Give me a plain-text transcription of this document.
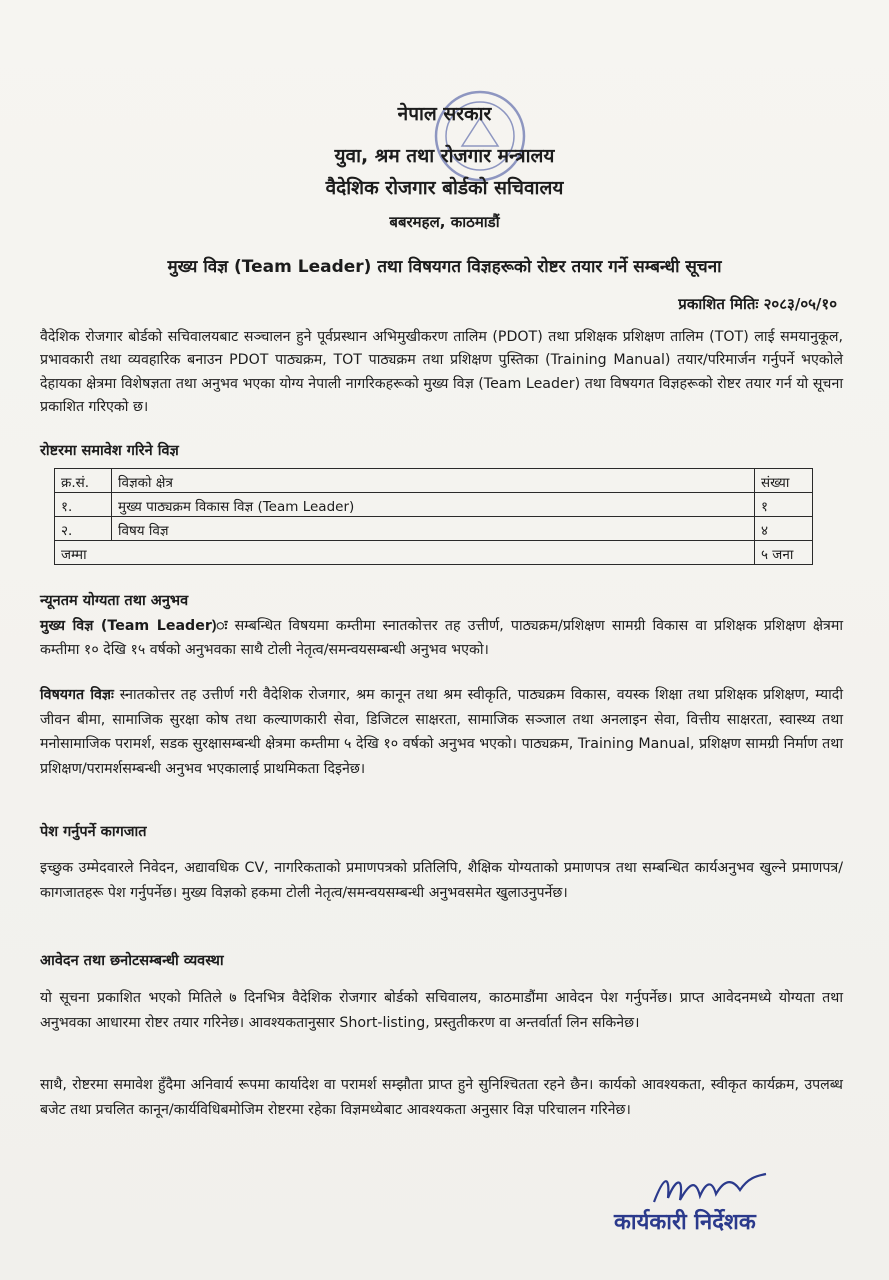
नेपाल सरकार
युवा, श्रम तथा रोजगार मन्त्रालय
वैदेशिक रोजगार बोर्डको सचिवालय
बबरमहल, काठमाडौं
मुख्य विज्ञ (Team Leader) तथा विषयगत विज्ञहरूको रोष्टर तयार गर्ने सम्बन्धी सूचना
प्रकाशित मितिः २०८३/०५/१०

वैदेशिक रोजगार बोर्डको सचिवालयबाट सञ्चालन हुने पूर्वप्रस्थान अभिमुखीकरण तालिम (PDOT) तथा प्रशिक्षक प्रशिक्षण तालिम (TOT) लाई समयानुकूल, प्रभावकारी तथा व्यवहारिक बनाउन PDOT पाठ्यक्रम, TOT पाठ्यक्रम तथा प्रशिक्षण पुस्तिका (Training Manual) तयार/परिमार्जन गर्नुपर्ने भएकोले देहायका क्षेत्रमा विशेषज्ञता तथा अनुभव भएका योग्य नेपाली नागरिकहरूको मुख्य विज्ञ (Team Leader) तथा विषयगत विज्ञहरूको रोष्टर तयार गर्न यो सूचना प्रकाशित गरिएको छ।

रोष्टरमा समावेश गरिने विज्ञ
क्र.सं.	विज्ञको क्षेत्र	संख्या
१.	मुख्य पाठ्यक्रम विकास विज्ञ (Team Leader)	१
२.	विषय विज्ञ	४
जम्मा		५ जना
न्यूनतम योग्यता तथा अनुभव

मुख्य विज्ञ (Team Leader)ः सम्बन्धित विषयमा कम्तीमा स्नातकोत्तर तह उत्तीर्ण, पाठ्यक्रम/प्रशिक्षण सामग्री विकास वा प्रशिक्षक प्रशिक्षण क्षेत्रमा कम्तीमा १० देखि १५ वर्षको अनुभवका साथै टोली नेतृत्व/समन्वयसम्बन्धी अनुभव भएको।

विषयगत विज्ञः स्नातकोत्तर तह उत्तीर्ण गरी वैदेशिक रोजगार, श्रम कानून तथा श्रम स्वीकृति, पाठ्यक्रम विकास, वयस्क शिक्षा तथा प्रशिक्षक प्रशिक्षण, म्यादी जीवन बीमा, सामाजिक सुरक्षा कोष तथा कल्याणकारी सेवा, डिजिटल साक्षरता, सामाजिक सञ्जाल तथा अनलाइन सेवा, वित्तीय साक्षरता, स्वास्थ्य तथा मनोसामाजिक परामर्श, सडक सुरक्षासम्बन्धी क्षेत्रमा कम्तीमा ५ देखि १० वर्षको अनुभव भएको। पाठ्यक्रम, Training Manual, प्रशिक्षण सामग्री निर्माण तथा प्रशिक्षण/परामर्शसम्बन्धी अनुभव भएकालाई प्राथमिकता दिइनेछ।

पेश गर्नुपर्ने कागजात

इच्छुक उम्मेदवारले निवेदन, अद्यावधिक CV, नागरिकताको प्रमाणपत्रको प्रतिलिपि, शैक्षिक योग्यताको प्रमाणपत्र तथा सम्बन्धित कार्यअनुभव खुल्ने प्रमाणपत्र/कागजातहरू पेश गर्नुपर्नेछ। मुख्य विज्ञको हकमा टोली नेतृत्व/समन्वयसम्बन्धी अनुभवसमेत खुलाउनुपर्नेछ।

आवेदन तथा छनोटसम्बन्धी व्यवस्था

यो सूचना प्रकाशित भएको मितिले ७ दिनभित्र वैदेशिक रोजगार बोर्डको सचिवालय, काठमाडौंमा आवेदन पेश गर्नुपर्नेछ। प्राप्त आवेदनमध्ये योग्यता तथा अनुभवका आधारमा रोष्टर तयार गरिनेछ। आवश्यकतानुसार Short-listing, प्रस्तुतीकरण वा अन्तर्वार्ता लिन सकिनेछ।

साथै, रोष्टरमा समावेश हुँदैमा अनिवार्य रूपमा कार्यादेश वा परामर्श सम्झौता प्राप्त हुने सुनिश्चितता रहने छैन। कार्यको आवश्यकता, स्वीकृत कार्यक्रम, उपलब्ध बजेट तथा प्रचलित कानून/कार्यविधिबमोजिम रोष्टरमा रहेका विज्ञमध्येबाट आवश्यकता अनुसार विज्ञ परिचालन गरिनेछ।

कार्यकारी निर्देशक
